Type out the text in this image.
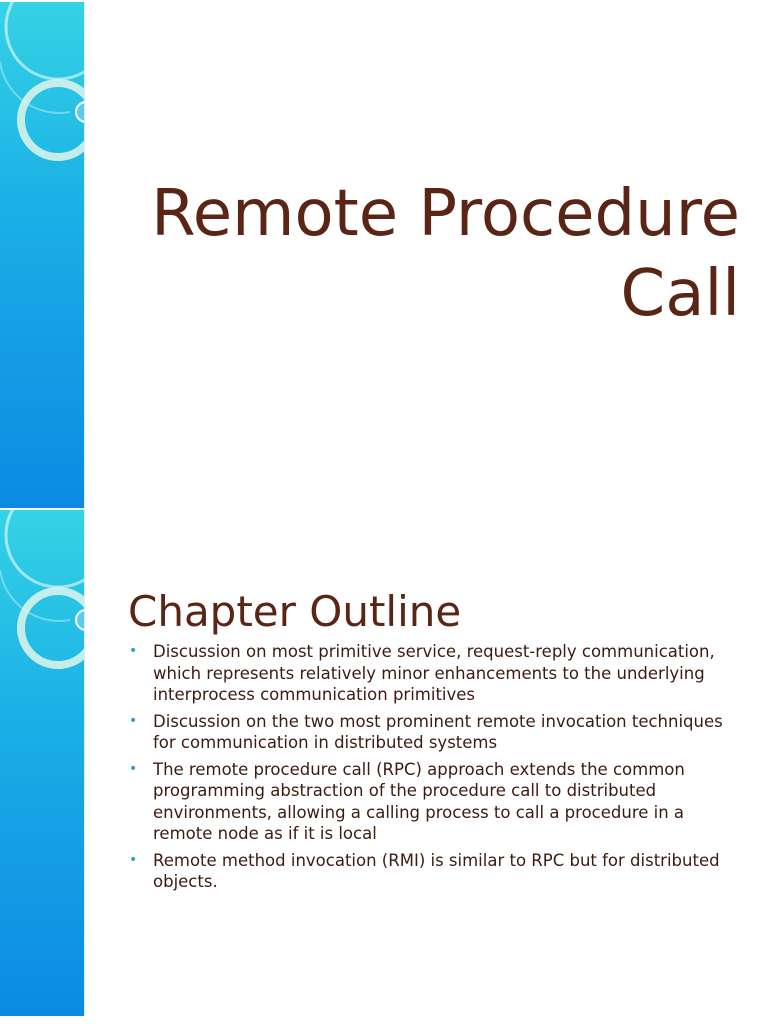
Remote Procedure Call
Chapter Outline
• Discussion on most primitive service, request-reply communication, which represents relatively minor enhancements to the underlying interprocess communication primitives
• Discussion on the two most prominent remote invocation techniques for communication in distributed systems
• The remote procedure call (RPC) approach extends the common programming abstraction of the procedure call to distributed environments, allowing a calling process to call a procedure in a remote node as if it is local
• Remote method invocation (RMI) is similar to RPC but for distributed objects.
